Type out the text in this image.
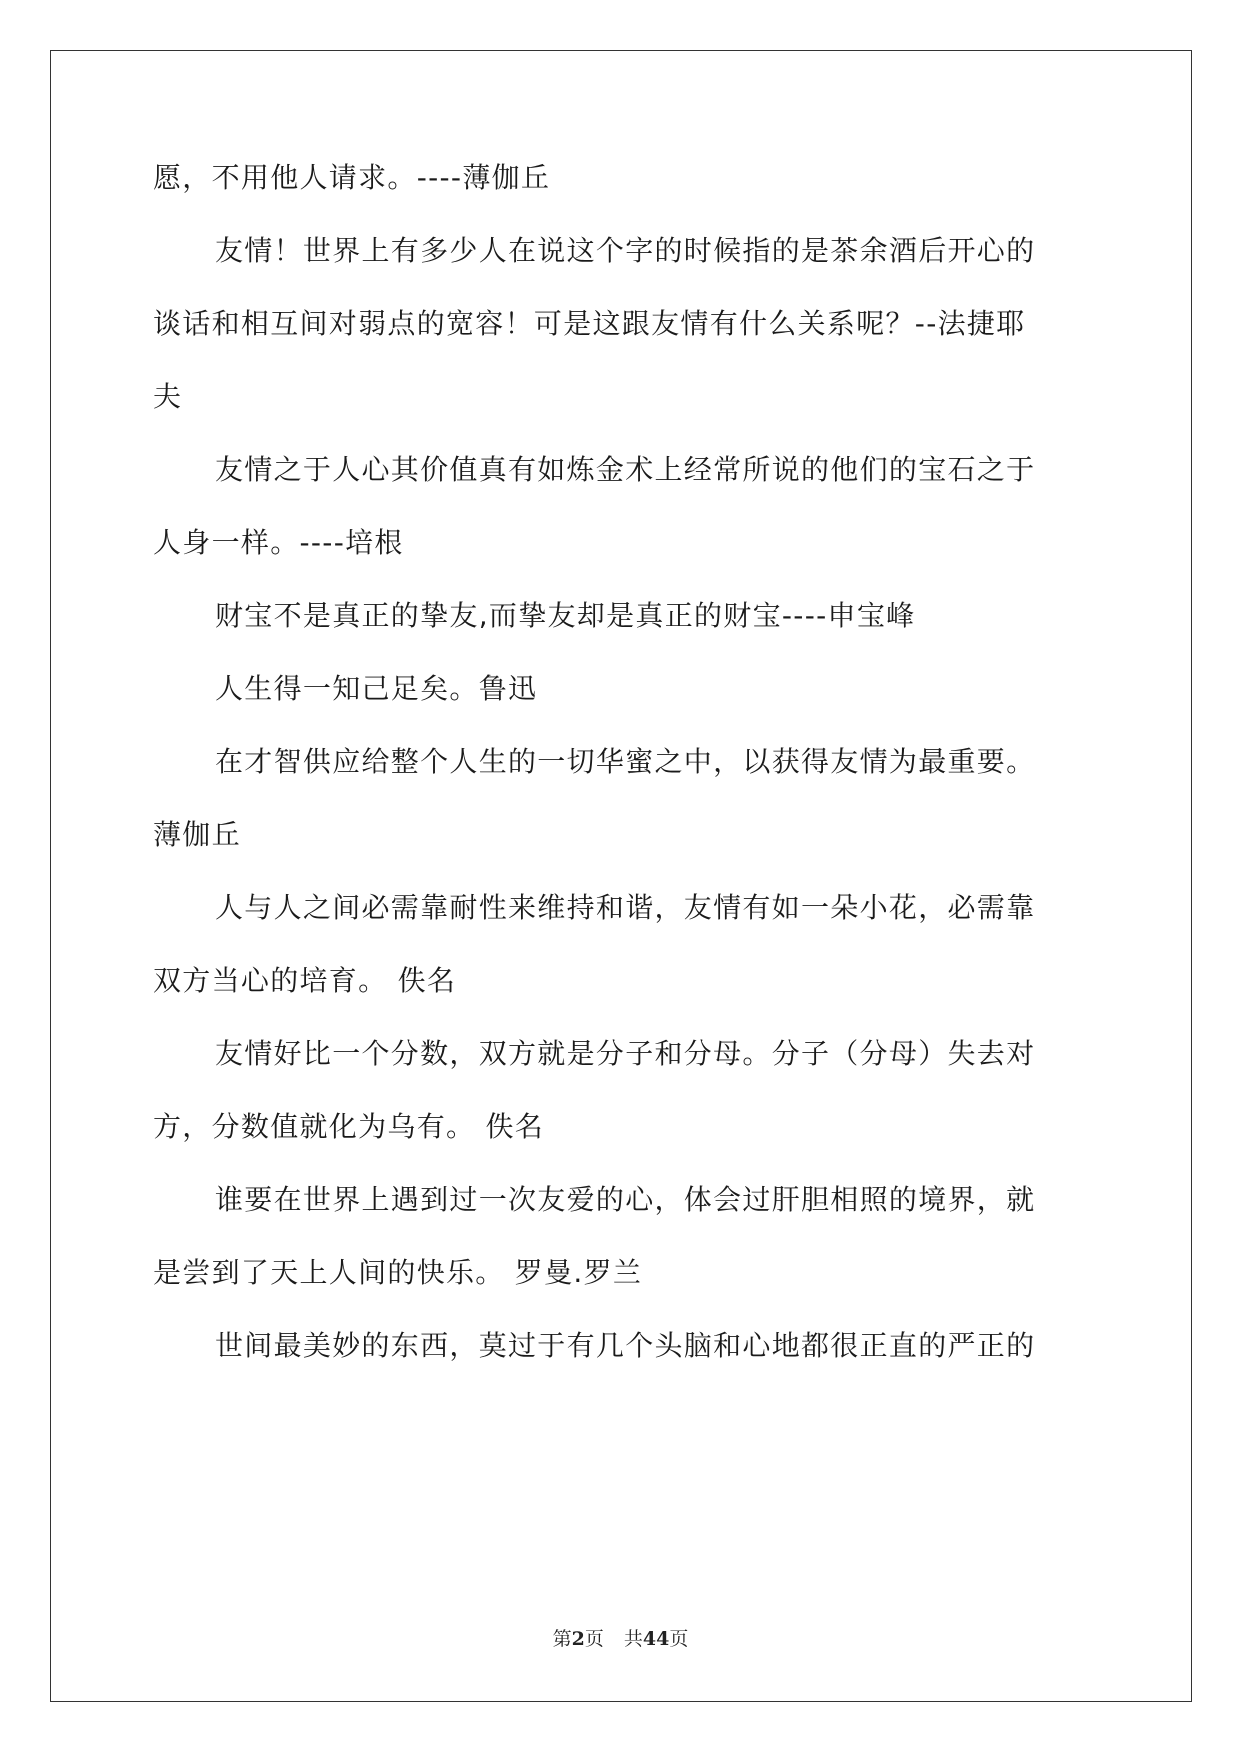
愿，不用他人请求。----薄伽丘
友情！世界上有多少人在说这个字的时候指的是茶余酒后开心的
谈话和相互间对弱点的宽容！可是这跟友情有什么关系呢？--法捷耶
夫
友情之于人心其价值真有如炼金术上经常所说的他们的宝石之于
人身一样。----培根
财宝不是真正的挚友,而挚友却是真正的财宝----申宝峰
人生得一知己足矣。鲁迅
在才智供应给整个人生的一切华蜜之中，以获得友情为最重要。
薄伽丘
人与人之间必需靠耐性来维持和谐，友情有如一朵小花，必需靠
双方当心的培育。 佚名
友情好比一个分数，双方就是分子和分母。分子（分母）失去对
方，分数值就化为乌有。 佚名
谁要在世界上遇到过一次友爱的心，体会过肝胆相照的境界，就
是尝到了天上人间的快乐。 罗曼.罗兰
世间最美妙的东西，莫过于有几个头脑和心地都很正直的严正的
第2页 共44页
